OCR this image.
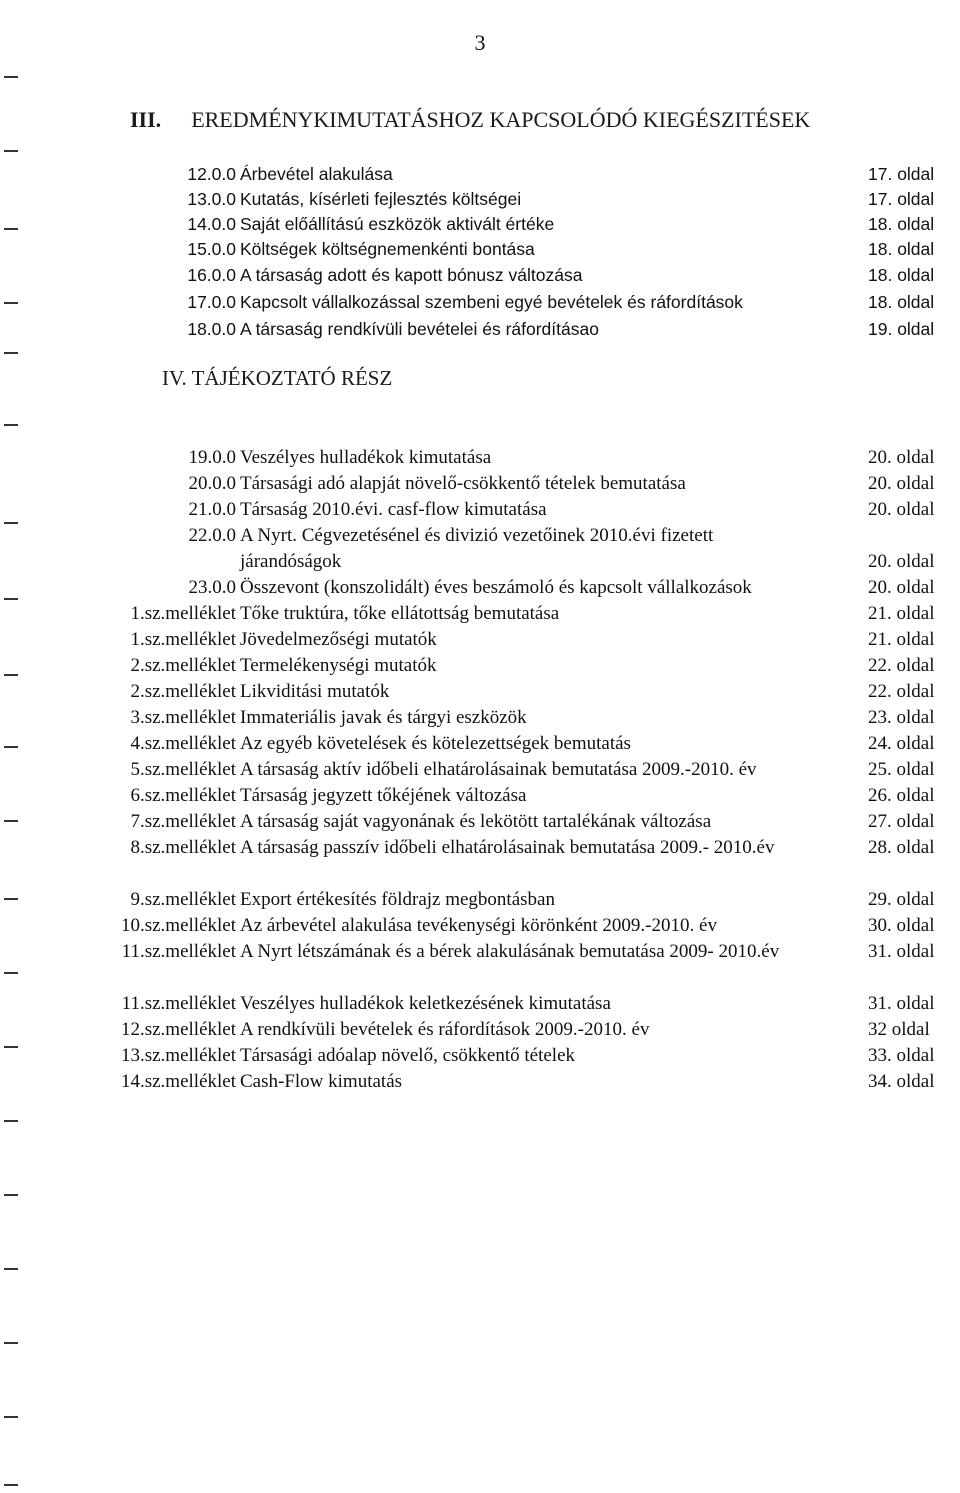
3
III. EREDMÉNYKIMUTATÁSHOZ KAPCSOLÓDÓ KIEGÉSZITÉSEK
12.0.0 Árbevétel alakulása	17. oldal
13.0.0 Kutatás, kísérleti fejlesztés költségei	17. oldal
14.0.0 Saját előállítású eszközök aktivált értéke	18. oldal
15.0.0 Költségek költségnemenkénti bontása	18. oldal
16.0.0 A társaság adott és kapott bónusz változása	18. oldal
17.0.0 Kapcsolt vállalkozással szembeni egyé bevételek és ráfordítások	18. oldal
18.0.0 A társaság rendkívüli bevételei és ráfordításao	19. oldal
IV. TÁJÉKOZTATÓ RÉSZ
19.0.0 Veszélyes hulladékok kimutatása	20. oldal
20.0.0 Társasági adó alapját növelő-csökkentő tételek bemutatása	20. oldal
21.0.0 Társaság 2010.évi. casf-flow kimutatása	20. oldal
22.0.0 A Nyrt. Cégvezetésénel és divizió vezetőinek 2010.évi fizetett járandóságok	20. oldal
23.0.0 Összevont (konszolidált) éves beszámoló és kapcsolt vállalkozások	20. oldal
1.sz.melléklet Tőke truktúra, tőke ellátottság bemutatása	21. oldal
1.sz.melléklet Jövedelmezőségi mutatók	21. oldal
2.sz.melléklet Termelékenységi mutatók	22. oldal
2.sz.melléklet Likviditási mutatók	22. oldal
3.sz.melléklet Immateriális javak és tárgyi eszközök	23. oldal
4.sz.melléklet Az egyéb követelések és kötelezettségek bemutatás	24. oldal
5.sz.melléklet A társaság aktív időbeli elhatárolásainak bemutatása 2009.-2010. év	25. oldal
6.sz.melléklet Társaság jegyzett tőkéjének változása	26. oldal
7.sz.melléklet A társaság saját vagyonának és lekötött tartalékának változása	27. oldal
8.sz.melléklet A társaság passzív időbeli elhatárolásainak bemutatása 2009.- 2010.év	28. oldal
9.sz.melléklet Export értékesítés földrajz megbontásban	29. oldal
10.sz.melléklet Az árbevétel alakulása tevékenységi körönként 2009.-2010. év	30. oldal
11.sz.melléklet A Nyrt létszámának és a bérek alakulásának bemutatása 2009- 2010.év	31. oldal
11.sz.melléklet Veszélyes hulladékok keletkezésének kimutatása	31. oldal
12.sz.melléklet A rendkívüli bevételek és ráfordítások 2009.-2010. év	32 oldal
13.sz.melléklet Társasági adóalap növelő, csökkentő tételek	33. oldal
14.sz.melléklet Cash-Flow kimutatás	34. oldal
